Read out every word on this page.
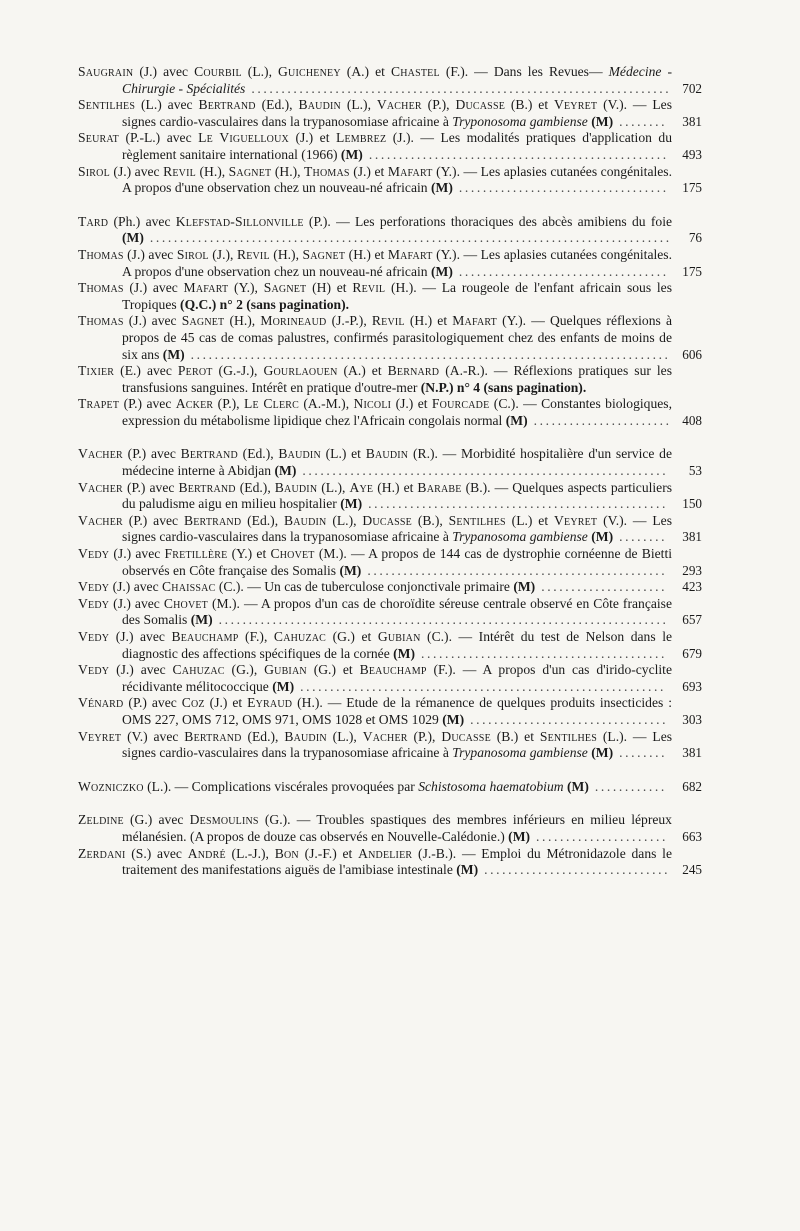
Saugrain (J.) avec Courbil (L.), Guicheney (A.) et Chastel (F.). — Dans les Revues— Médecine - Chirurgie - Spécialités ...................................................................... 702

Sentilhes (L.) avec Bertrand (Ed.), Baudin (L.), Vacher (P.), Ducasse (B.) et Veyret (V.). — Les signes cardio-vasculaires dans la trypanosomiase africaine à Tryponosoma gambiense (M) ........	381

Seurat (P.-L.) avec Le Viguelloux (J.) et Lembrez (J.). — Les modalités pratiques d'application du règlement sanitaire international (1966) (M) ..................................................	493

Sirol (J.) avec Revil (H.), Sagnet (H.), Thomas (J.) et Mafart (Y.). — Les aplasies cutanées congénitales. A propos d'une observation chez un nouveau-né africain (M) ...................................	175

Tard (Ph.) avec Klefstad-Sillonville (P.). — Les perforations thoraciques des abcès amibiens du foie (M) .......................................................................................	76

Thomas (J.) avec Sirol (J.), Revil (H.), Sagnet (H.) et Mafart (Y.). — Les aplasies cutanées congénitales. A propos d'une observation chez un nouveau-né africain (M) ...................................	175

Thomas (J.) avec Mafart (Y.), Sagnet (H) et Revil (H.). — La rougeole de l'enfant africain sous les Tropiques (Q.C.) n° 2 (sans pagination).

Thomas (J.) avec Sagnet (H.), Morineaud (J.-P.), Revil (H.) et Mafart (Y.). — Quelques réflexions à propos de 45 cas de comas palustres, confirmés parasitologiquement chez des enfants de moins de six ans (M) ................................................................................ 606

Tixier (E.) avec Perot (G.-J.), Gourlaouen (A.) et Bernard (A.-R.). — Réflexions pratiques sur les transfusions sanguines. Intérêt en pratique d'outre-mer (N.P.) n° 4 (sans pagination).

Trapet (P.) avec Acker (P.), Le Clerc (A.-M.), Nicoli (J.) et Fourcade (C.). — Constantes biologiques, expression du métabolisme lipidique chez l'Africain congolais normal (M) ....................... 408

Vacher (P.) avec Bertrand (Ed.), Baudin (L.) et Baudin (R.). — Morbidité hospitalière d'un service de médecine interne à Abidjan (M) .............................................................	53

Vacher (P.) avec Bertrand (Ed.), Baudin (L.), Aye (H.) et Barabe (B.). — Quelques aspects particuliers du paludisme aigu en milieu hospitalier (M) ..................................................	150

Vacher (P.) avec Bertrand (Ed.), Baudin (L.), Ducasse (B.), Sentilhes (L.) et Veyret (V.). — Les signes cardio-vasculaires dans la trypanosomiase africaine à Trypanosoma gambiense (M) ........	381

Vedy (J.) avec Fretillère (Y.) et Chovet (M.). — A propos de 144 cas de dystrophie cornéenne de Bietti observés en Côte française des Somalis (M) ..................................................	293

Vedy (J.) avec Chaissac (C.). — Un cas de tuberculose conjonctivale primaire (M) .....................	423

Vedy (J.) avec Chovet (M.). — A propos d'un cas de choroïdite séreuse centrale observé en Côte française des Somalis (M) ...........................................................................	657

Vedy (J.) avec Beauchamp (F.), Cahuzac (G.) et Gubian (C.). — Intérêt du test de Nelson dans le diagnostic des affections spécifiques de la cornée (M) .........................................	679

Vedy (J.) avec Cahuzac (G.), Gubian (G.) et Beauchamp (F.). — A propos d'un cas d'irido-cyclite récidivante mélitococcique (M) .............................................................	693

Vénard (P.) avec Coz (J.) et Eyraud (H.). — Etude de la rémanence de quelques produits insecticides : OMS 227, OMS 712, OMS 971, OMS 1028 et OMS 1029 (M) .................................	303

Veyret (V.) avec Bertrand (Ed.), Baudin (L.), Vacher (P.), Ducasse (B.) et Sentilhes (L.). — Les signes cardio-vasculaires dans la trypanosomiase africaine à Trypanosoma gambiense (M) ........	381

Wozniczko (L.). — Complications viscérales provoquées par Schistosoma haematobium (M) ............	682

Zeldine (G.) avec Desmoulins (G.). — Troubles spastiques des membres inférieurs en milieu lépreux mélanésien. (A propos de douze cas observés en Nouvelle-Calédonie.) (M) ......................	663

Zerdani (S.) avec André (L.-J.), Bon (J.-F.) et Andelier (J.-B.). — Emploi du Métronidazole dans le traitement des manifestations aiguës de l'amibiase intestinale (M) ............................... 245
